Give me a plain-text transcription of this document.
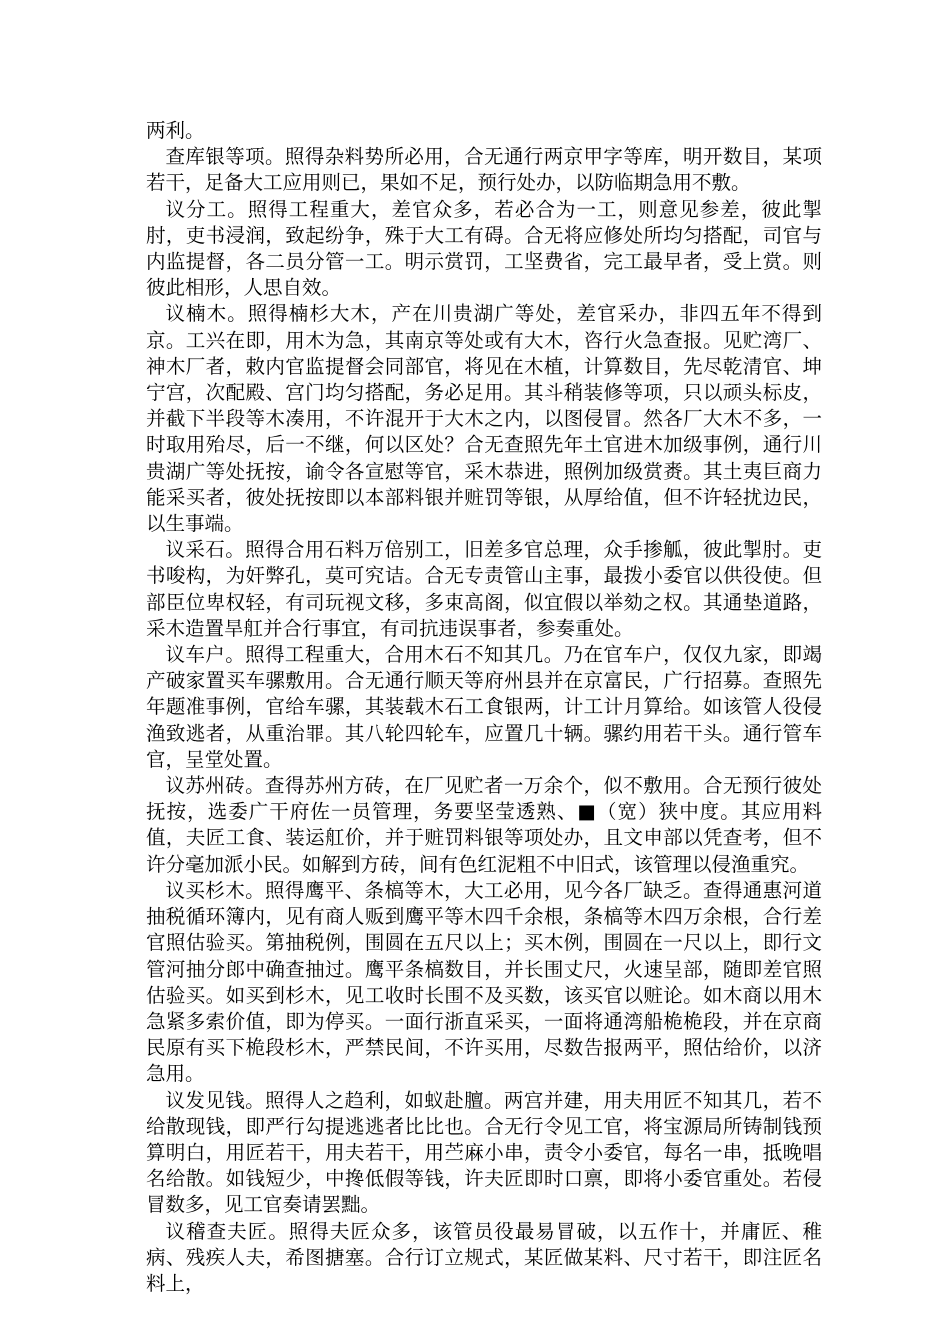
两利。

查库银等项。照得杂料势所必用，合无通行两京甲字等库，明开数目，某项若干，足备大工应用则已，果如不足，预行处办，以防临期急用不敷。

议分工。照得工程重大，差官众多，若必合为一工，则意见参差，彼此掣肘，吏书浸润，致起纷争，殊于大工有碍。合无将应修处所均匀搭配，司官与内监提督，各二员分管一工。明示赏罚，工坚费省，完工最早者，受上赏。则彼此相形，人思自效。

议楠木。照得楠杉大木，产在川贵湖广等处，差官采办，非四五年不得到京。工兴在即，用木为急，其南京等处或有大木，咨行火急查报。见贮湾厂、神木厂者，敕内官监提督会同部官，将见在木植，计算数目，先尽乾清官、坤宁宫，次配殿、宫门均匀搭配，务必足用。其斗稍装修等项，只以顽头标皮，并截下半段等木凑用，不许混开于大木之内，以图侵冒。然各厂大木不多，一时取用殆尽，后一不继，何以区处？合无查照先年土官进木加级事例，通行川贵湖广等处抚按，谕令各宣慰等官，采木恭进，照例加级赏赉。其土夷巨商力能采买者，彼处抚按即以本部料银并赃罚等银，从厚给值，但不许轻扰边民，以生事端。

议采石。照得合用石料万倍别工，旧差多官总理，众手掺觚，彼此掣肘。吏书唆构，为奸弊孔，莫可究诘。合无专责管山主事，最拨小委官以供役使。但部臣位卑权轻，有司玩视文移，多束高阁，似宜假以举劾之权。其通垫道路，采木造置旱舡并合行事宜，有司抗违误事者，参奏重处。

议车户。照得工程重大，合用木石不知其几。乃在官车户，仅仅九家，即竭产破家置买车骡敷用。合无通行顺天等府州县并在京富民，广行招募。查照先年题准事例，官给车骡，其装载木石工食银两，计工计月算给。如该管人役侵渔致逃者，从重治罪。其八轮四轮车，应置几十辆。骡约用若干头。通行管车官，呈堂处置。

议苏州砖。查得苏州方砖，在厂见贮者一万余个，似不敷用。合无预行彼处抚按，选委广干府佐一员管理，务要坚莹透熟、■（宽）狭中度。其应用料值，夫匠工食、装运舡价，并于赃罚料银等项处办，且文申部以凭查考，但不许分毫加派小民。如解到方砖，间有色红泥粗不中旧式，该管理以侵渔重究。

议买杉木。照得鹰平、条槁等木，大工必用，见今各厂缺乏。查得通惠河道抽税循环簿内，见有商人贩到鹰平等木四千余根，条槁等木四万余根，合行差官照估验买。第抽税例，围圆在五尺以上；买木例，围圆在一尺以上，即行文管河抽分郎中确查抽过。鹰平条槁数目，并长围丈尺，火速呈部，随即差官照估验买。如买到杉木，见工收时长围不及买数，该买官以赃论。如木商以用木急紧多索价值，即为停买。一面行浙直采买，一面将通湾船桅桅段，并在京商民原有买下桅段杉木，严禁民间，不许买用，尽数告报两平，照估给价，以济急用。

议发见钱。照得人之趋利，如蚁赴膻。两宫并建，用夫用匠不知其几，若不给散现钱，即严行勾提逃逃者比比也。合无行令见工官，将宝源局所铸制钱预算明白，用匠若干，用夫若干，用苎麻小串，责令小委官，每名一串，抵晚唱名给散。如钱短少，中搀低假等钱，许夫匠即时口禀，即将小委官重处。若侵冒数多，见工官奏请罢黜。

议稽查夫匠。照得夫匠众多，该管员役最易冒破，以五作十，并庸匠、稚病、残疾人夫，希图搪塞。合行订立规式，某匠做某料、尺寸若干，即注匠名料上，
